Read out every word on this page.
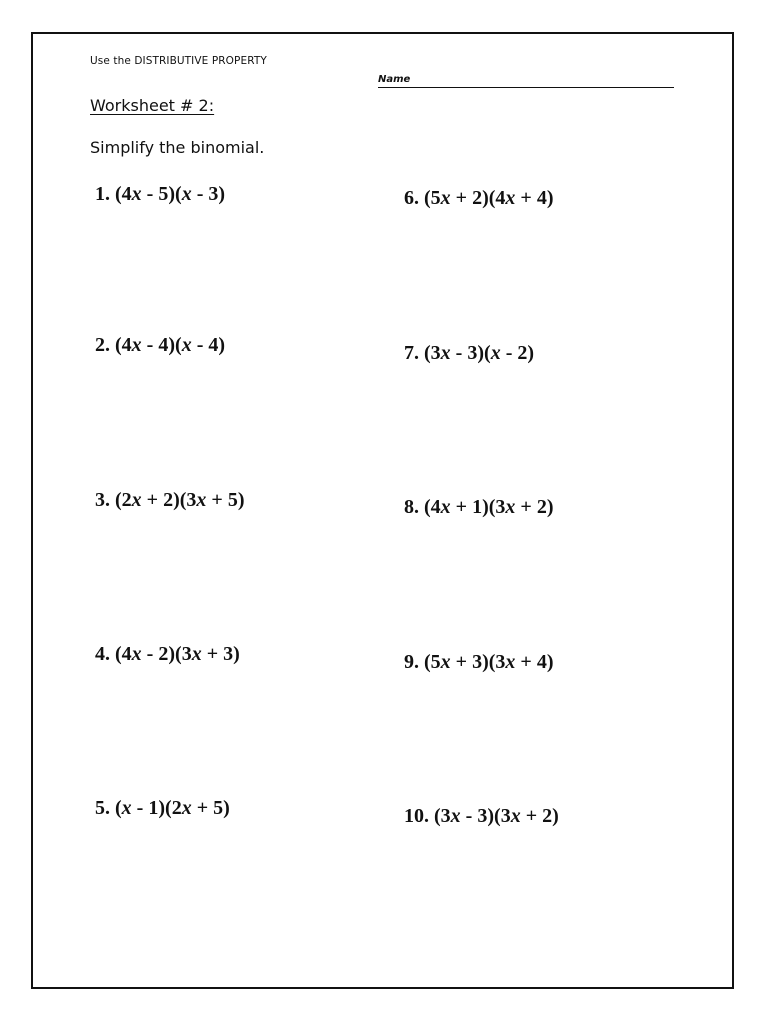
Use the DISTRIBUTIVE PROPERTY
Name
Worksheet # 2:
Simplify the binomial.
1. (4x - 5)(x - 3)
2. (4x - 4)(x - 4)
3. (2x + 2)(3x + 5)
4. (4x - 2)(3x + 3)
5. (x - 1)(2x + 5)
6. (5x + 2)(4x + 4)
7. (3x - 3)(x - 2)
8. (4x + 1)(3x + 2)
9. (5x + 3)(3x + 4)
10. (3x - 3)(3x + 2)
